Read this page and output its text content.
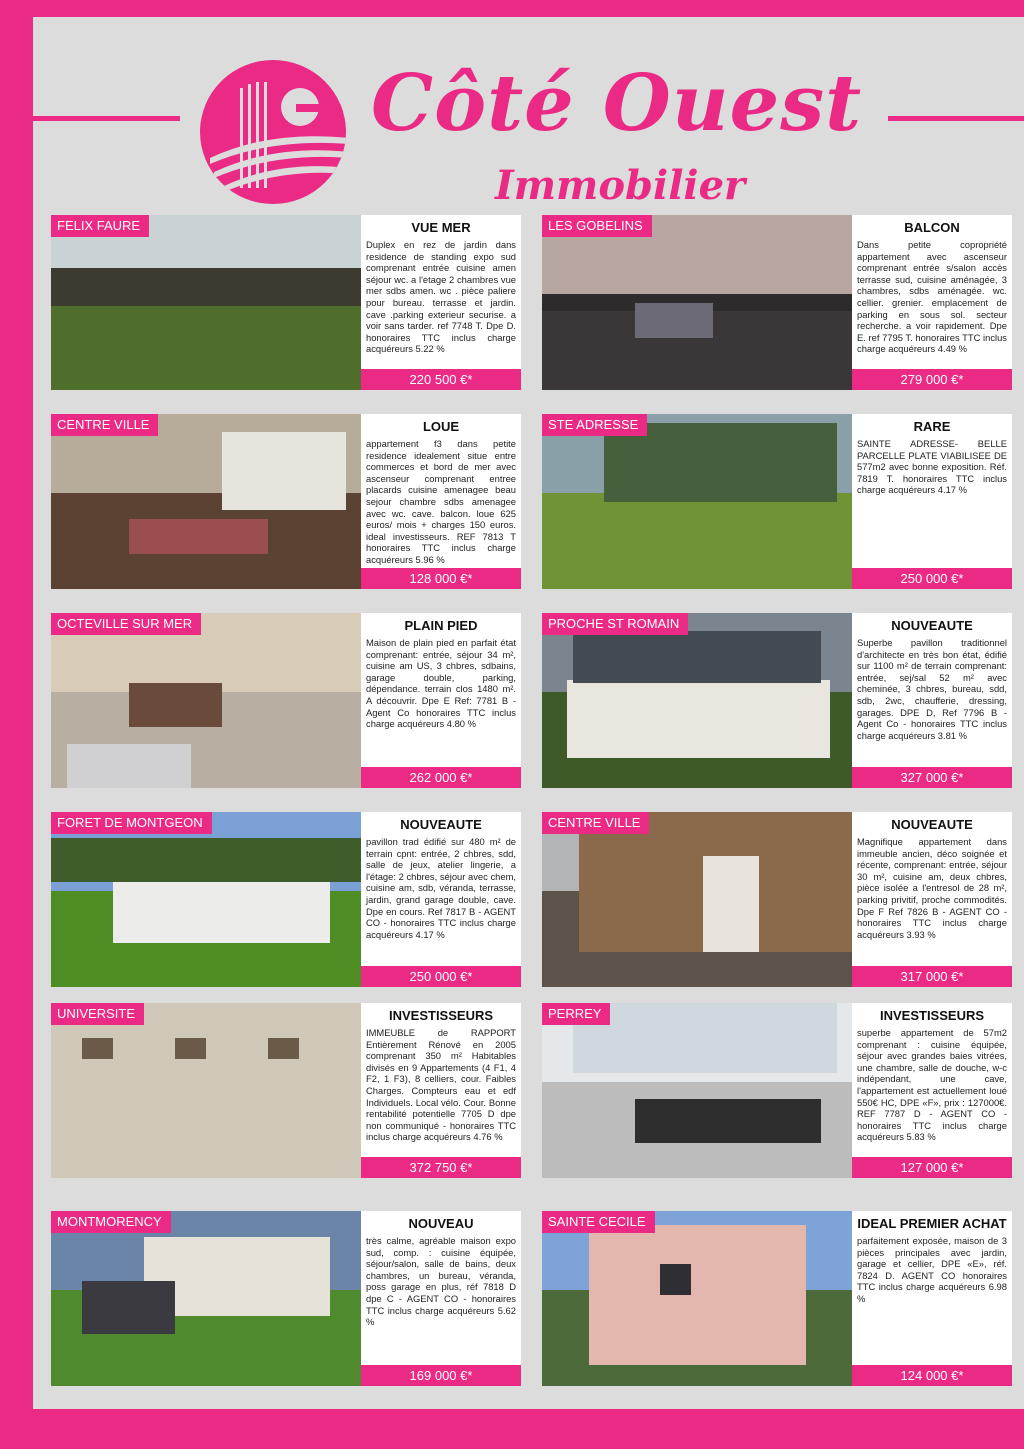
Côté Ouest
Immobilier
FELIX FAURE	VUE MER

Duplex en rez de jardin dans residence de standing expo sud comprenant entrée cuisine amen séjour wc. a l'etage 2 chambres vue mer sdbs amen. wc . pièce paliere pour bureau. terrasse et jardin. cave .parking exterieur securise. a voir sans tarder. ref 7748 T. Dpe D. honoraires TTC inclus charge acquéreurs 5.22 %

220 500 €*
LES GOBELINS	BALCON

Dans petite copropriété appartement avec ascenseur comprenant entrée s/salon accès terrasse sud, cuisine aménagée, 3 chambres, sdbs aménagée. wc. cellier. grenier. emplacement de parking en sous sol. secteur recherche. a voir rapidement. Dpe E. ref 7795 T. honoraires TTC inclus charge acquéreurs 4.49 %

279 000 €*
CENTRE VILLE	LOUE

appartement f3 dans petite residence idealement situe entre commerces et bord de mer avec ascenseur comprenant entree placards cuisine amenagee beau sejour chambre sdbs amenagee avec wc. cave. balcon. loue 625 euros/ mois + charges 150 euros. ideal investisseurs. REF 7813 T honoraires TTC inclus charge acquéreurs 5.96 %

128 000 €*
STE ADRESSE	RARE

SAINTE ADRESSE- BELLE PARCELLE PLATE VIABILISEE DE 577m2 avec bonne exposition. Réf. 7819 T. honoraires TTC inclus charge acquéreurs 4.17 %

250 000 €*
OCTEVILLE SUR MER	PLAIN PIED

Maison de plain pied en parfait état comprenant: entrée, séjour 34 m², cuisine am US, 3 chbres, sdbains, garage double, parking, dépendance. terrain clos 1480 m². A découvrir. Dpe E Ref: 7781 B - Agent Co honoraires TTC inclus charge acquéreurs 4.80 %

262 000 €*
PROCHE ST ROMAIN	NOUVEAUTE

Superbe pavillon traditionnel d'architecte en très bon état, édifié sur 1100 m² de terrain comprenant: entrée, sej/sal 52 m² avec cheminée, 3 chbres, bureau, sdd, sdb, 2wc, chaufferie, dressing, garages. DPE D, Ref 7796 B - Agent Co - honoraires TTC inclus charge acquéreurs 3.81 %

327 000 €*
FORET DE MONTGEON	NOUVEAUTE

pavillon trad édifié sur 480 m² de terrain cpnt: entrée, 2 chbres, sdd, salle de jeux, atelier lingerie, a l'étage: 2 chbres, séjour avec chem, cuisine am, sdb, véranda, terrasse, jardin, grand garage double, cave. Dpe en cours. Ref 7817 B - AGENT CO - honoraires TTC inclus charge acquéreurs 4.17 %

250 000 €*
CENTRE VILLE	NOUVEAUTE

Magnifique appartement dans immeuble ancien, déco soignée et récente, comprenant: entrée, séjour 30 m², cuisine am, deux chbres, pièce isolée a l'entresol de 28 m², parking privitif, proche commodités. Dpe F Ref 7826 B - AGENT CO - honoraires TTC inclus charge acquéreurs 3.93 %

317 000 €*
UNIVERSITE	INVESTISSEURS

IMMEUBLE de RAPPORT Entièrement Rénové en 2005 comprenant 350 m² Habitables divisés en 9 Appartements (4 F1, 4 F2, 1 F3), 8 celliers, cour. Faibles Charges. Compteurs eau et edf Individuels. Local vélo. Cour. Bonne rentabilité potentielle 7705 D dpe non communiqué - honoraires TTC inclus charge acquéreurs 4.76 %

372 750 €*
PERREY	INVESTISSEURS

superbe appartement de 57m2 comprenant : cuisine équipée, séjour avec grandes baies vitrées, une chambre, salle de douche, w-c indépendant, une cave, l'appartement est actuellement loué 550€ HC, DPE «F», prix : 127000€. REF 7787 D - AGENT CO - honoraires TTC inclus charge acquéreurs 5.83 %

127 000 €*
MONTMORENCY	NOUVEAU

très calme, agréable maison expo sud, comp. : cuisine équipée, séjour/salon, salle de bains, deux chambres, un bureau, véranda, poss garage en plus, réf 7818 D dpe C - AGENT CO - honoraires TTC inclus charge acquéreurs 5.62 %

169 000 €*
SAINTE CECILE	IDEAL PREMIER ACHAT

parfaitement exposée, maison de 3 pièces principales avec jardin, garage et cellier, DPE «E», réf. 7824 D. AGENT CO honoraires TTC inclus charge acquéreurs 6.98 %

124 000 €*
